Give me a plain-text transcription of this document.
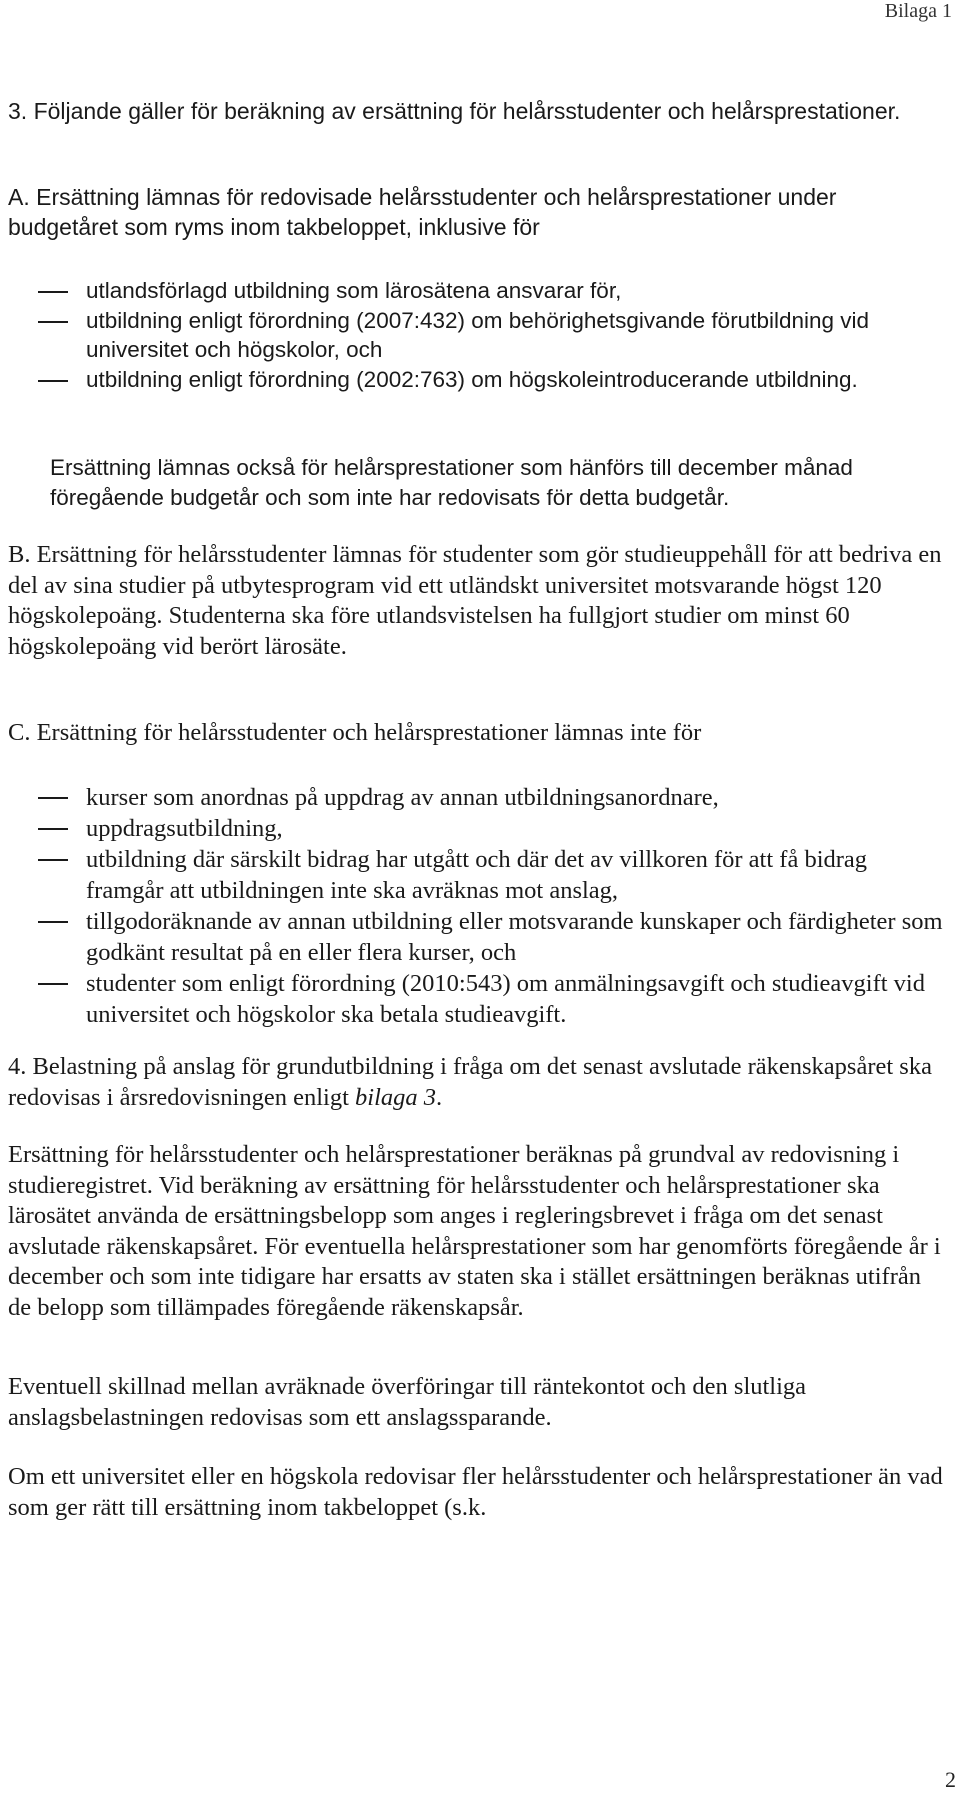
Bilaga 1

3. Följande gäller för beräkning av ersättning för helårsstudenter och helårsprestationer.

A. Ersättning lämnas för redovisade helårsstudenter och helårsprestationer under budgetåret som ryms inom takbeloppet, inklusive för

utlandsförlagd utbildning som lärosätena ansvarar för,
utbildning enligt förordning (2007:432) om behörighetsgivande förutbildning vid universitet och högskolor, och
utbildning enligt förordning (2002:763) om högskoleintroducerande utbildning.

Ersättning lämnas också för helårsprestationer som hänförs till december månad föregående budgetår och som inte har redovisats för detta budgetår.

B. Ersättning för helårsstudenter lämnas för studenter som gör studieuppehåll för att bedriva en del av sina studier på utbytesprogram vid ett utländskt universitet motsvarande högst 120 högskolepoäng. Studenterna ska före utlandsvistelsen ha fullgjort studier om minst 60 högskolepoäng vid berört lärosäte.

C. Ersättning för helårsstudenter och helårsprestationer lämnas inte för

kurser som anordnas på uppdrag av annan utbildningsanordnare,
uppdragsutbildning,
utbildning där särskilt bidrag har utgått och där det av villkoren för att få bidrag framgår att utbildningen inte ska avräknas mot anslag,
tillgodoräknande av annan utbildning eller motsvarande kunskaper och färdigheter som godkänt resultat på en eller flera kurser, och
studenter som enligt förordning (2010:543) om anmälningsavgift och studieavgift vid universitet och högskolor ska betala studieavgift.

4. Belastning på anslag för grundutbildning i fråga om det senast avslutade räkenskapsåret ska redovisas i årsredovisningen enligt bilaga 3.

Ersättning för helårsstudenter och helårsprestationer beräknas på grundval av redovisning i studieregistret. Vid beräkning av ersättning för helårsstudenter och helårsprestationer ska lärosätet använda de ersättningsbelopp som anges i regleringsbrevet i fråga om det senast avslutade räkenskapsåret. För eventuella helårsprestationer som har genomförts föregående år i december och som inte tidigare har ersatts av staten ska i stället ersättningen beräknas utifrån de belopp som tillämpades föregående räkenskapsår.

Eventuell skillnad mellan avräknade överföringar till räntekontot och den slutliga anslagsbelastningen redovisas som ett anslagssparande.

Om ett universitet eller en högskola redovisar fler helårsstudenter och helårsprestationer än vad som ger rätt till ersättning inom takbeloppet (s.k.

2
